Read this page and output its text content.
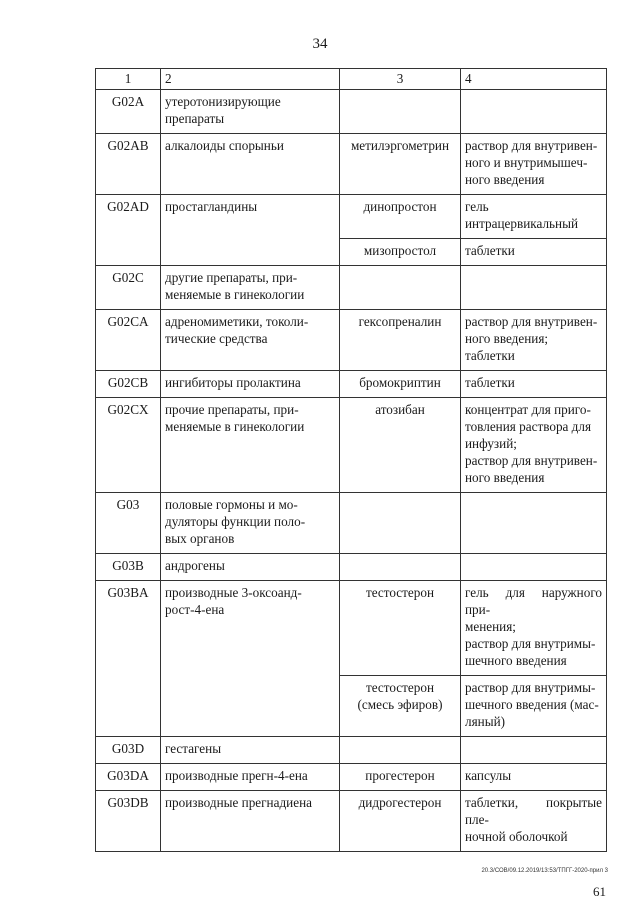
34
1	2	3	4
G02A	утеротонизирующие препараты		

G02AB	алкалоиды спорыньи	метилэргометрин	раствор для внутривен-
ного и внутримышеч-
ного введения

G02AD	простагландины	динопростон	гель интрацервикальный

		мизопростол	таблетки

G02C	другие препараты, при-
меняемые в гинекологии		

G02CA	адреномиметики, токоли-
тические средства	гексопреналин	раствор для внутривен-
ного введения;
таблетки

G02CB	ингибиторы пролактина	бромокриптин	таблетки

G02CX	прочие препараты, при-
меняемые в гинекологии	атозибан	концентрат для приго-
товления раствора для
инфузий;
раствор для внутривен-
ного введения

G03	половые гормоны и мо-
дуляторы функции поло-
вых органов		

G03B	андрогены		

G03BA	производные 3-оксоанд-
рост-4-ена	тестостерон	гель для наружного при-
менения;
раствор для внутримы-
шечного введения

		тестостерон
(смесь эфиров)	раствор для внутримы-
шечного введения (мас-
ляный)

G03D	гестагены		

G03DA	производные прегн-4-ена	прогестерон	капсулы

G03DB	производные прегнадиена	дидрогестерон	таблетки, покрытые пле-
ночной оболочкой
20.3/СОВ/09.12.2019/13:53/ТПГГ-2020-прил 3
61
